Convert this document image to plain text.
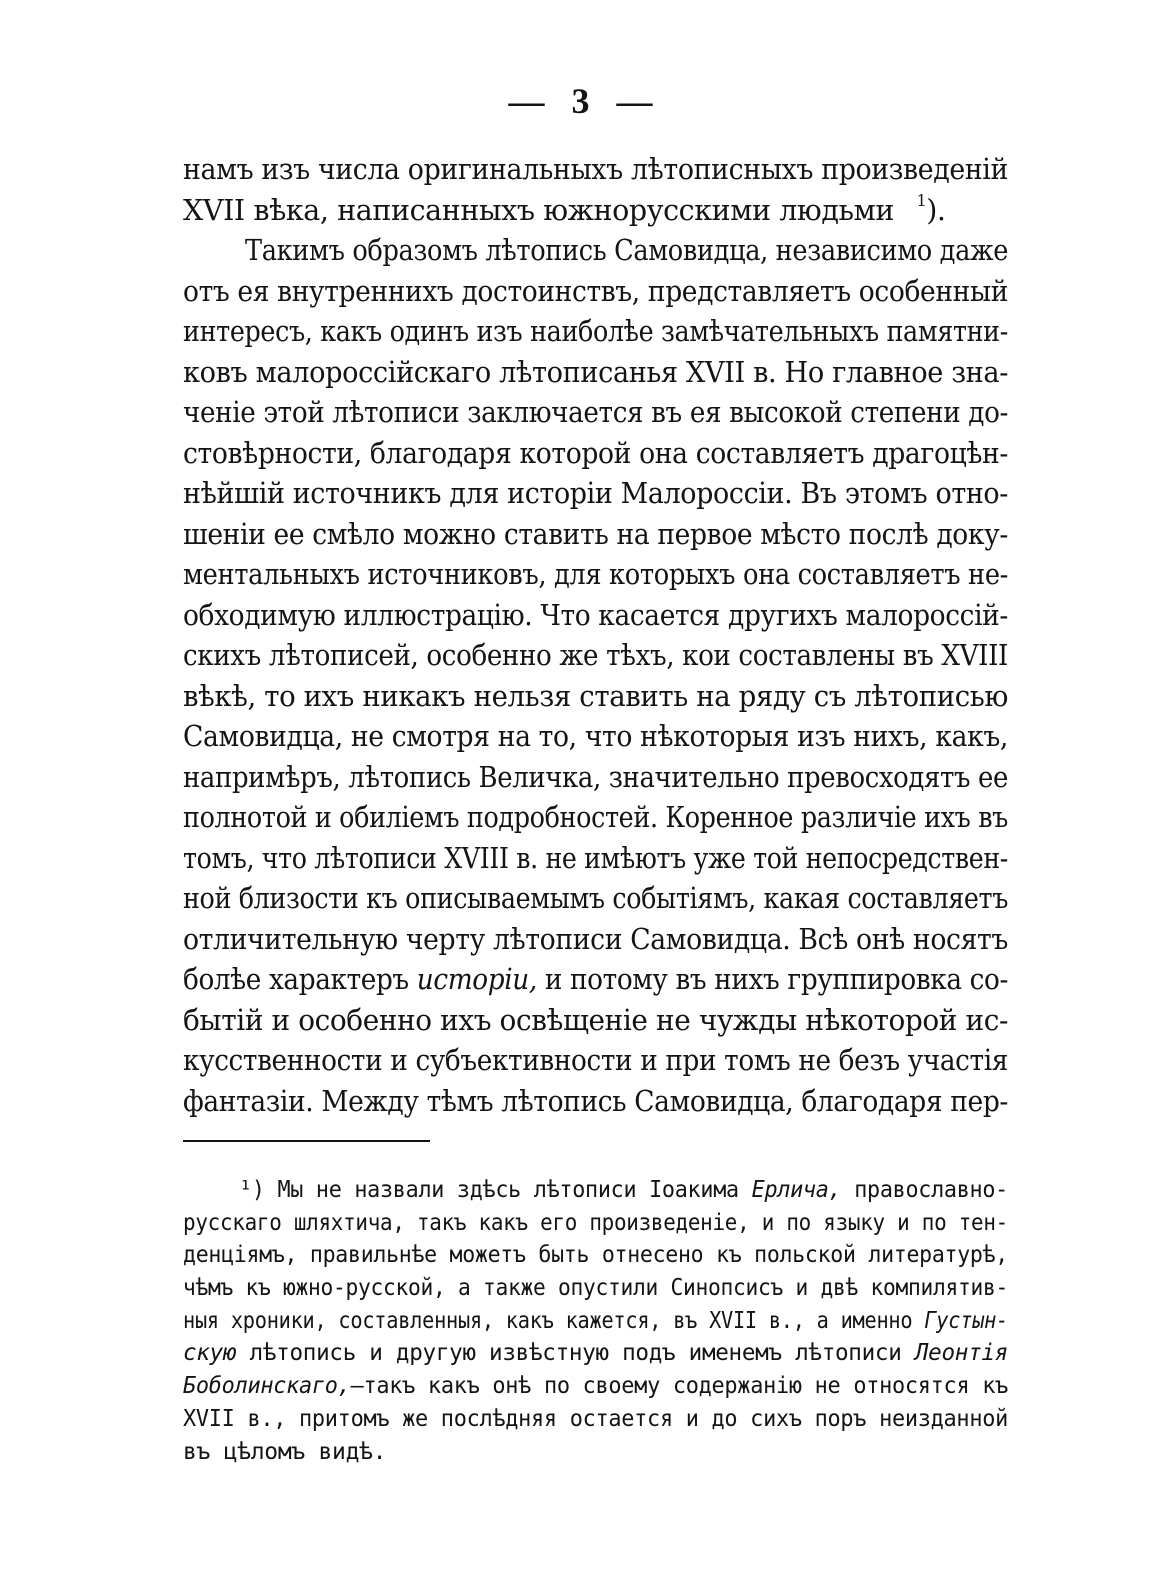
— 3 —
намъ изъ числа оригинальныхъ лѣтописныхъ произведенiй
XVII вѣка, написанныхъ южнорусскими людьми $^1$).
Такимъ образомъ лѣтопись Самовидца, независимо даже
отъ ея внутреннихъ достоинствъ, представляетъ особенный
интересъ, какъ одинъ изъ наиболѣе замѣчательныхъ памятни-
ковъ малороссiйскаго лѣтописанья XVII в. Но главное зна-
ченiе этой лѣтописи заключается въ ея высокой степени до-
стовѣрности, благодаря которой она составляетъ драгоцѣн-
нѣйшiй источникъ для исторiи Малороссiи. Въ этомъ отно-
шенiи ее смѣло можно ставить на первое мѣсто послѣ доку-
ментальныхъ источниковъ, для которыхъ она составляетъ не-
обходимую иллюстрацiю. Что касается другихъ малороссiй-
скихъ лѣтописей, особенно же тѣхъ, кои составлены въ XVIII
вѣкѣ, то ихъ никакъ нельзя ставить на ряду съ лѣтописью
Самовидца, не смотря на то, что нѣкоторыя изъ нихъ, какъ,
напримѣръ, лѣтопись Величка, значительно превосходятъ ее
полнотой и обилiемъ подробностей. Коренное различiе ихъ въ
томъ, что лѣтописи XVIII в. не имѣютъ уже той непосредствен-
ной близости къ описываемымъ событiямъ, какая составляетъ
отличительную черту лѣтописи Самовидца. Всѣ онѣ носятъ
болѣе характеръ исторiи, и потому въ нихъ группировка со-
бытiй и особенно ихъ освѣщенiе не чужды нѣкоторой ис-
кусственности и субъективности и при томъ не безъ участiя
фантазiи. Между тѣмъ лѣтопись Самовидца, благодаря пер-
¹) Мы не назвали здѣсь лѣтописи Iоакима Ерлича, православно-
русскаго шляхтича, такъ какъ его произведенiе, и по языку и по тен-
денцiямъ, правильнѣе можетъ быть отнесено къ польской литературѣ,
чѣмъ къ южно-русской, а также опустили Синопсисъ и двѣ компилятив-
ныя хроники, составленныя, какъ кажется, въ XVII в., а именно Густын-
скую лѣтопись и другую извѣстную подъ именемъ лѣтописи Леонтiя
Боболинскаго,—такъ какъ онѣ по своему содержанiю не относятся къ
XVII в., притомъ же послѣдняя остается и до сихъ поръ неизданной
въ цѣломъ видѣ.
